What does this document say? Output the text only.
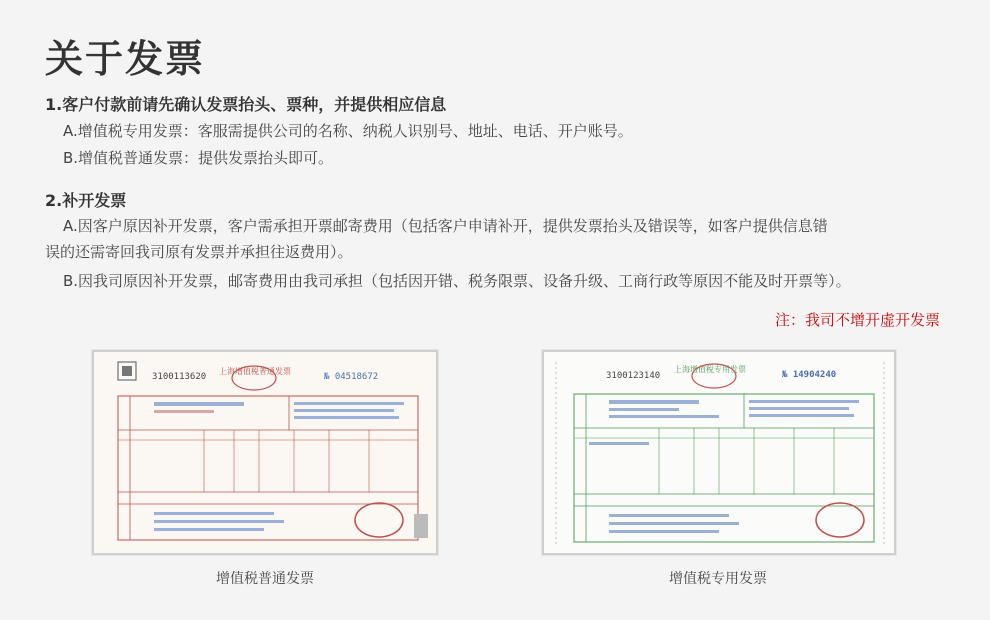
关于发票
1.客户付款前请先确认发票抬头、票种，并提供相应信息
A.增值税专用发票：客服需提供公司的名称、纳税人识别号、地址、电话、开户账号。
B.增值税普通发票：提供发票抬头即可。
2.补开发票
A.因客户原因补开发票，客户需承担开票邮寄费用（包括客户申请补开，提供发票抬头及错误等，如客户提供信息错
误的还需寄回我司原有发票并承担往返费用）。
B.因我司原因补开发票，邮寄费用由我司承担（包括因开错、税务限票、设备升级、工商行政等原因不能及时开票等）。
注：我司不增开虚开发票
3100113620
上海增值税普通发票
№ 04518672
增值税普通发票
3100123140
上海增值税专用发票
№ 14904240
增值税专用发票
